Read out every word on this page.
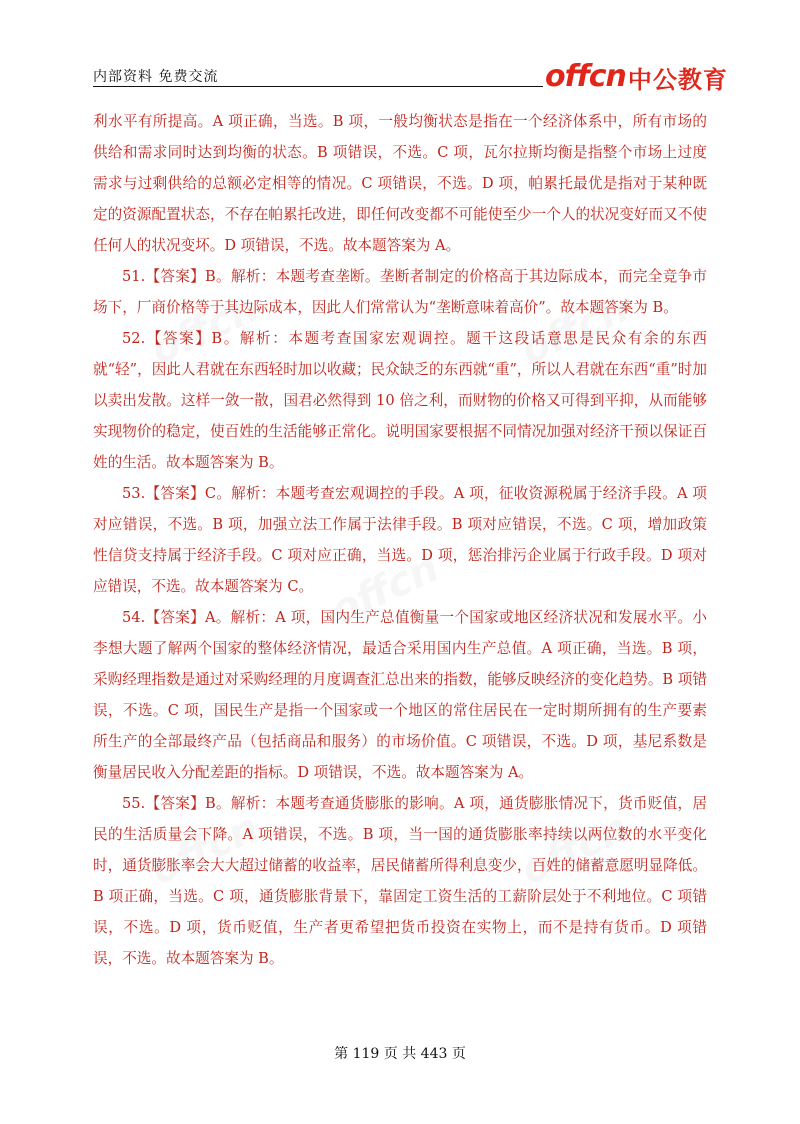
内部资料 免费交流	offcn 中公教育
offcn	offcn
offcn
offcn	offcn

利水平有所提高。A 项正确，当选。B 项，一般均衡状态是指在一个经济体系中，所有市场的供给和需求同时达到均衡的状态。B 项错误，不选。C 项，瓦尔拉斯均衡是指整个市场上过度需求与过剩供给的总额必定相等的情况。C 项错误，不选。D 项，帕累托最优是指对于某种既定的资源配置状态，不存在帕累托改进，即任何改变都不可能使至少一个人的状况变好而又不使任何人的状况变坏。D 项错误，不选。故本题答案为 A。

51.【答案】B。解析：本题考查垄断。垄断者制定的价格高于其边际成本，而完全竞争市场下，厂商价格等于其边际成本，因此人们常常认为“垄断意味着高价”。故本题答案为 B。

52.【答案】B。解析：本题考查国家宏观调控。题干这段话意思是民众有余的东西就“轻”，因此人君就在东西轻时加以收藏；民众缺乏的东西就“重”，所以人君就在东西“重”时加以卖出发散。这样一敛一散，国君必然得到 10 倍之利，而财物的价格又可得到平抑，从而能够实现物价的稳定，使百姓的生活能够正常化。说明国家要根据不同情况加强对经济干预以保证百姓的生活。故本题答案为 B。

53.【答案】C。解析：本题考查宏观调控的手段。A 项，征收资源税属于经济手段。A 项对应错误，不选。B 项，加强立法工作属于法律手段。B 项对应错误，不选。C 项，增加政策性信贷支持属于经济手段。C 项对应正确，当选。D 项，惩治排污企业属于行政手段。D 项对应错误，不选。故本题答案为 C。

54.【答案】A。解析：A 项，国内生产总值衡量一个国家或地区经济状况和发展水平。小李想大题了解两个国家的整体经济情况，最适合采用国内生产总值。A 项正确，当选。B 项，采购经理指数是通过对采购经理的月度调查汇总出来的指数，能够反映经济的变化趋势。B 项错误，不选。C 项，国民生产是指一个国家或一个地区的常住居民在一定时期所拥有的生产要素所生产的全部最终产品（包括商品和服务）的市场价值。C 项错误，不选。D 项，基尼系数是衡量居民收入分配差距的指标。D 项错误，不选。故本题答案为 A。

55.【答案】B。解析：本题考查通货膨胀的影响。A 项，通货膨胀情况下，货币贬值，居民的生活质量会下降。A 项错误，不选。B 项，当一国的通货膨胀率持续以两位数的水平变化时，通货膨胀率会大大超过储蓄的收益率，居民储蓄所得利息变少，百姓的储蓄意愿明显降低。B 项正确，当选。C 项，通货膨胀背景下，靠固定工资生活的工薪阶层处于不利地位。C 项错误，不选。D 项，货币贬值，生产者更希望把货币投资在实物上，而不是持有货币。D 项错误，不选。故本题答案为 B。

第 119 页 共 443 页
